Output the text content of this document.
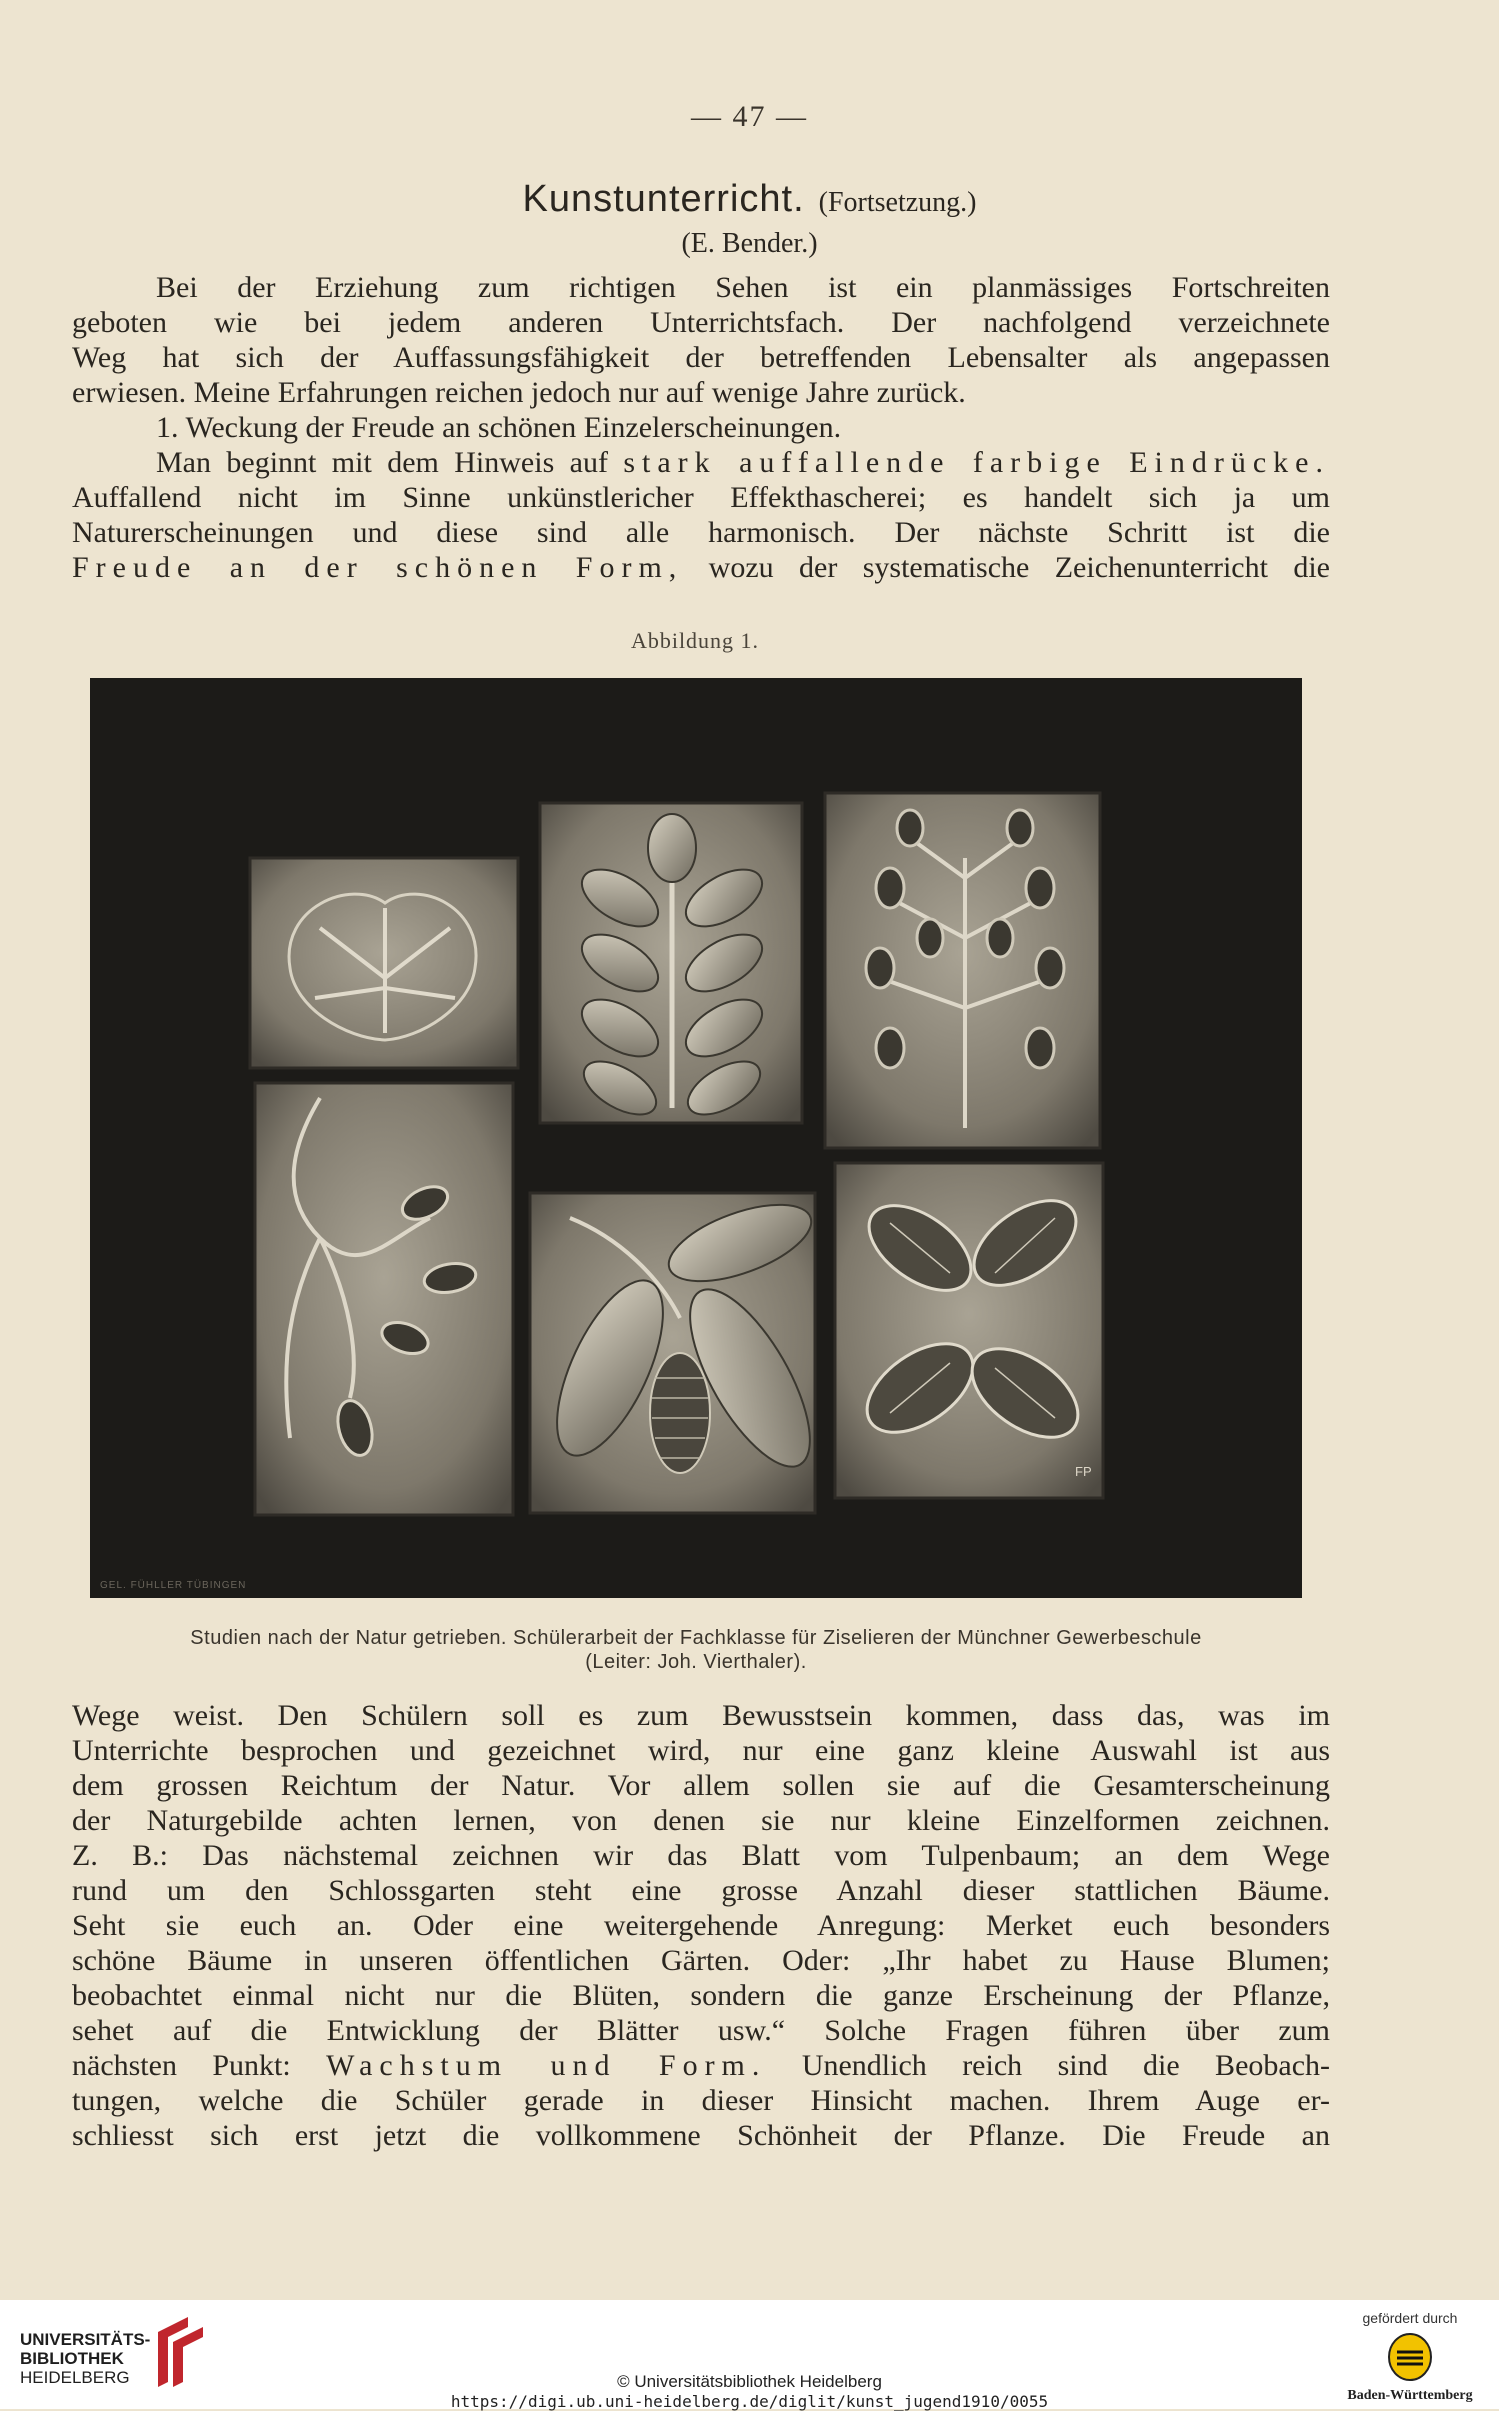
— 47 —
Kunstunterricht. (Fortsetzung.)
(E. Bender.)
Bei der Erziehung zum richtigen Sehen ist ein planmässiges Fortschreiten
geboten wie bei jedem anderen Unterrichtsfach. Der nachfolgend verzeichnete
Weg hat sich der Auffassungsfähigkeit der betreffenden Lebensalter als angepassen
erwiesen. Meine Erfahrungen reichen jedoch nur auf wenige Jahre zurück.
1. Weckung der Freude an schönen Einzelerscheinungen.
Man beginnt mit dem Hinweis auf stark auffallende farbige Eindrücke.
Auffallend nicht im Sinne unkünstlericher Effekthascherei; es handelt sich ja um
Naturerscheinungen und diese sind alle harmonisch. Der nächste Schritt ist die
Freude an der schönen Form, wozu der systematische Zeichenunterricht die
Abbildung 1.
FP
GEL. FÜHLLER TÜBINGEN
Studien nach der Natur getrieben. Schülerarbeit der Fachklasse für Ziselieren der Münchner Gewerbeschule
(Leiter: Joh. Vierthaler).
Wege weist. Den Schülern soll es zum Bewusstsein kommen, dass das, was im
Unterrichte besprochen und gezeichnet wird, nur eine ganz kleine Auswahl ist aus
dem grossen Reichtum der Natur. Vor allem sollen sie auf die Gesamterscheinung
der Naturgebilde achten lernen, von denen sie nur kleine Einzelformen zeichnen.
Z. B.: Das nächstemal zeichnen wir das Blatt vom Tulpenbaum; an dem Wege
rund um den Schlossgarten steht eine grosse Anzahl dieser stattlichen Bäume.
Seht sie euch an. Oder eine weitergehende Anregung: Merket euch besonders
schöne Bäume in unseren öffentlichen Gärten. Oder: „Ihr habet zu Hause Blumen;
beobachtet einmal nicht nur die Blüten, sondern die ganze Erscheinung der Pflanze,
sehet auf die Entwicklung der Blätter usw.“ Solche Fragen führen über zum
nächsten Punkt: Wachstum und Form. Unendlich reich sind die Beobach-
tungen, welche die Schüler gerade in dieser Hinsicht machen. Ihrem Auge er-
schliesst sich erst jetzt die vollkommene Schönheit der Pflanze. Die Freude an
UNIVERSITÄTS-
BIBLIOTHEK
HEIDELBERG	© Universitätsbibliothek Heidelberg
https://digi.ub.uni-heidelberg.de/diglit/kunst_jugend1910/0055
gefördert durch
Baden-Württemberg
